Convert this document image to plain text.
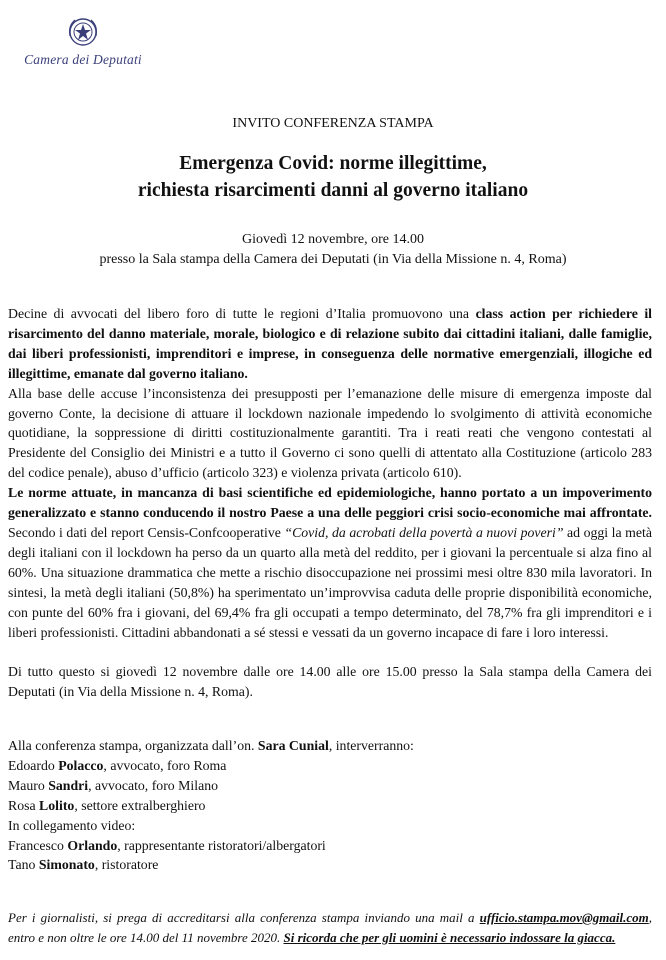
Camera dei Deputati
INVITO CONFERENZA STAMPA
Emergenza Covid: norme illegittime,
richiesta risarcimenti danni al governo italiano
Giovedì 12 novembre, ore 14.00
presso la Sala stampa della Camera dei Deputati (in Via della Missione n. 4, Roma)

Decine di avvocati del libero foro di tutte le regioni d’Italia promuovono una class action per richiedere il risarcimento del danno materiale, morale, biologico e di relazione subito dai cittadini italiani, dalle famiglie, dai liberi professionisti, imprenditori e imprese, in conseguenza delle normative emergenziali, illogiche ed illegittime, emanate dal governo italiano.

Alla base delle accuse l’inconsistenza dei presupposti per l’emanazione delle misure di emergenza imposte dal governo Conte, la decisione di attuare il lockdown nazionale impedendo lo svolgimento di attività economiche quotidiane, la soppressione di diritti costituzionalmente garantiti. Tra i reati reati che vengono contestati al Presidente del Consiglio dei Ministri e a tutto il Governo ci sono quelli di attentato alla Costituzione (articolo 283 del codice penale), abuso d’ufficio (articolo 323) e violenza privata (articolo 610).

Le norme attuate, in mancanza di basi scientifiche ed epidemiologiche, hanno portato a un impoverimento generalizzato e stanno conducendo il nostro Paese a una delle peggiori crisi socio-economiche mai affrontate. Secondo i dati del report Censis-Confcooperative “Covid, da acrobati della povertà a nuovi poveri” ad oggi la metà degli italiani con il lockdown ha perso da un quarto alla metà del reddito, per i giovani la percentuale si alza fino al 60%. Una situazione drammatica che mette a rischio disoccupazione nei prossimi mesi oltre 830 mila lavoratori. In sintesi, la metà degli italiani (50,8%) ha sperimentato un’improvvisa caduta delle proprie disponibilità economiche, con punte del 60% fra i giovani, del 69,4% fra gli occupati a tempo determinato, del 78,7% fra gli imprenditori e i liberi professionisti. Cittadini abbandonati a sé stessi e vessati da un governo incapace di fare i loro interessi.

Di tutto questo si giovedì 12 novembre dalle ore 14.00 alle ore 15.00 presso la Sala stampa della Camera dei Deputati (in Via della Missione n. 4, Roma).

Alla conferenza stampa, organizzata dall’on. Sara Cunial, interverranno:
Edoardo Polacco, avvocato, foro Roma
Mauro Sandri, avvocato, foro Milano
Rosa Lolito, settore extralberghiero
In collegamento video:
Francesco Orlando, rappresentante ristoratori/albergatori
Tano Simonato, ristoratore
Per i giornalisti, si prega di accreditarsi alla conferenza stampa inviando una mail a ufficio.stampa.mov@gmail.com, entro e non oltre le ore 14.00 del 11 novembre 2020. Si ricorda che per gli uomini è necessario indossare la giacca.
